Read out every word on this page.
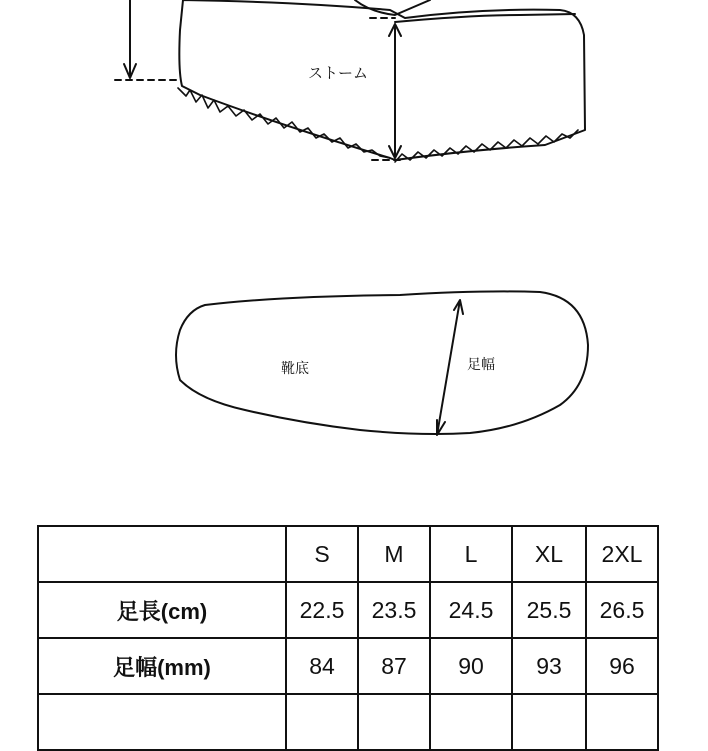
ストーム
靴底	足幅
	S	M	L	XL	2XL
足長(cm)	22.5	23.5	24.5	25.5	26.5
足幅(mm)	84	87	90	93	96
